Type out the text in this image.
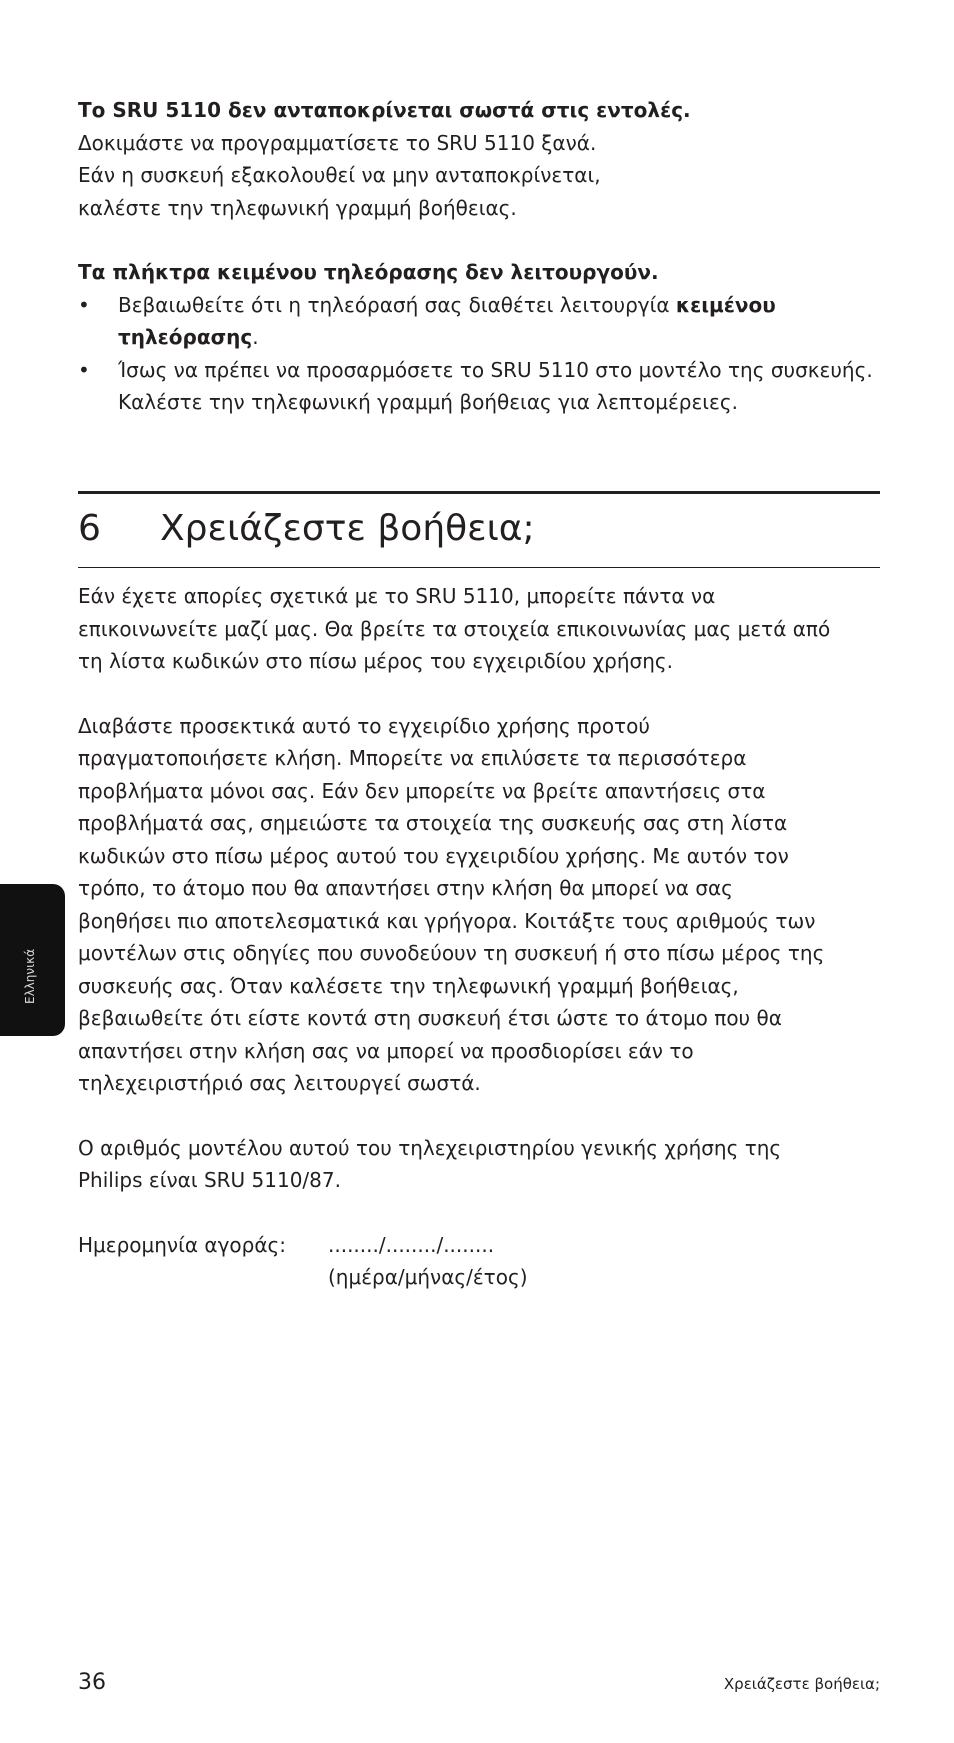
Το SRU 5110 δεν ανταποκρίνεται σωστά στις εντολές.

Δοκιμάστε να προγραμματίσετε το SRU 5110 ξανά.

Εάν η συσκευή εξακολουθεί να μην ανταποκρίνεται,

καλέστε την τηλεφωνική γραμμή βοήθειας.

Τα πλήκτρα κειμένου τηλεόρασης δεν λειτουργούν.

• Βεβαιωθείτε ότι η τηλεόρασή σας διαθέτει λειτουργία κειμένου τηλεόρασης.
• Ίσως να πρέπει να προσαρμόσετε το SRU 5110 στο μοντέλο της συσκευής. Καλέστε την τηλεφωνική γραμμή βοήθειας για λεπτομέρειες.
6 Χρειάζεστε βοήθεια;

Εάν έχετε απορίες σχετικά με το SRU 5110, μπορείτε πάντα να

επικοινωνείτε μαζί μας. Θα βρείτε τα στοιχεία επικοινωνίας μας μετά από

τη λίστα κωδικών στο πίσω μέρος του εγχειριδίου χρήσης.

Διαβάστε προσεκτικά αυτό το εγχειρίδιο χρήσης προτού

πραγματοποιήσετε κλήση. Μπορείτε να επιλύσετε τα περισσότερα

προβλήματα μόνοι σας. Εάν δεν μπορείτε να βρείτε απαντήσεις στα

προβλήματά σας, σημειώστε τα στοιχεία της συσκευής σας στη λίστα

κωδικών στο πίσω μέρος αυτού του εγχειριδίου χρήσης. Με αυτόν τον

τρόπο, το άτομο που θα απαντήσει στην κλήση θα μπορεί να σας

βοηθήσει πιο αποτελεσματικά και γρήγορα. Κοιτάξτε τους αριθμούς των

μοντέλων στις οδηγίες που συνοδεύουν τη συσκευή ή στο πίσω μέρος της

συσκευής σας. Όταν καλέσετε την τηλεφωνική γραμμή βοήθειας,

βεβαιωθείτε ότι είστε κοντά στη συσκευή έτσι ώστε το άτομο που θα

απαντήσει στην κλήση σας να μπορεί να προσδιορίσει εάν το

τηλεχειριστήριό σας λειτουργεί σωστά.

Ο αριθμός μοντέλου αυτού του τηλεχειριστηρίου γενικής χρήσης της

Philips είναι SRU 5110/87.

Ημερομηνία αγοράς:	......../......../........
(ημέρα/μήνας/έτος)
Ελληνικά
36	Χρειάζεστε βοήθεια;
